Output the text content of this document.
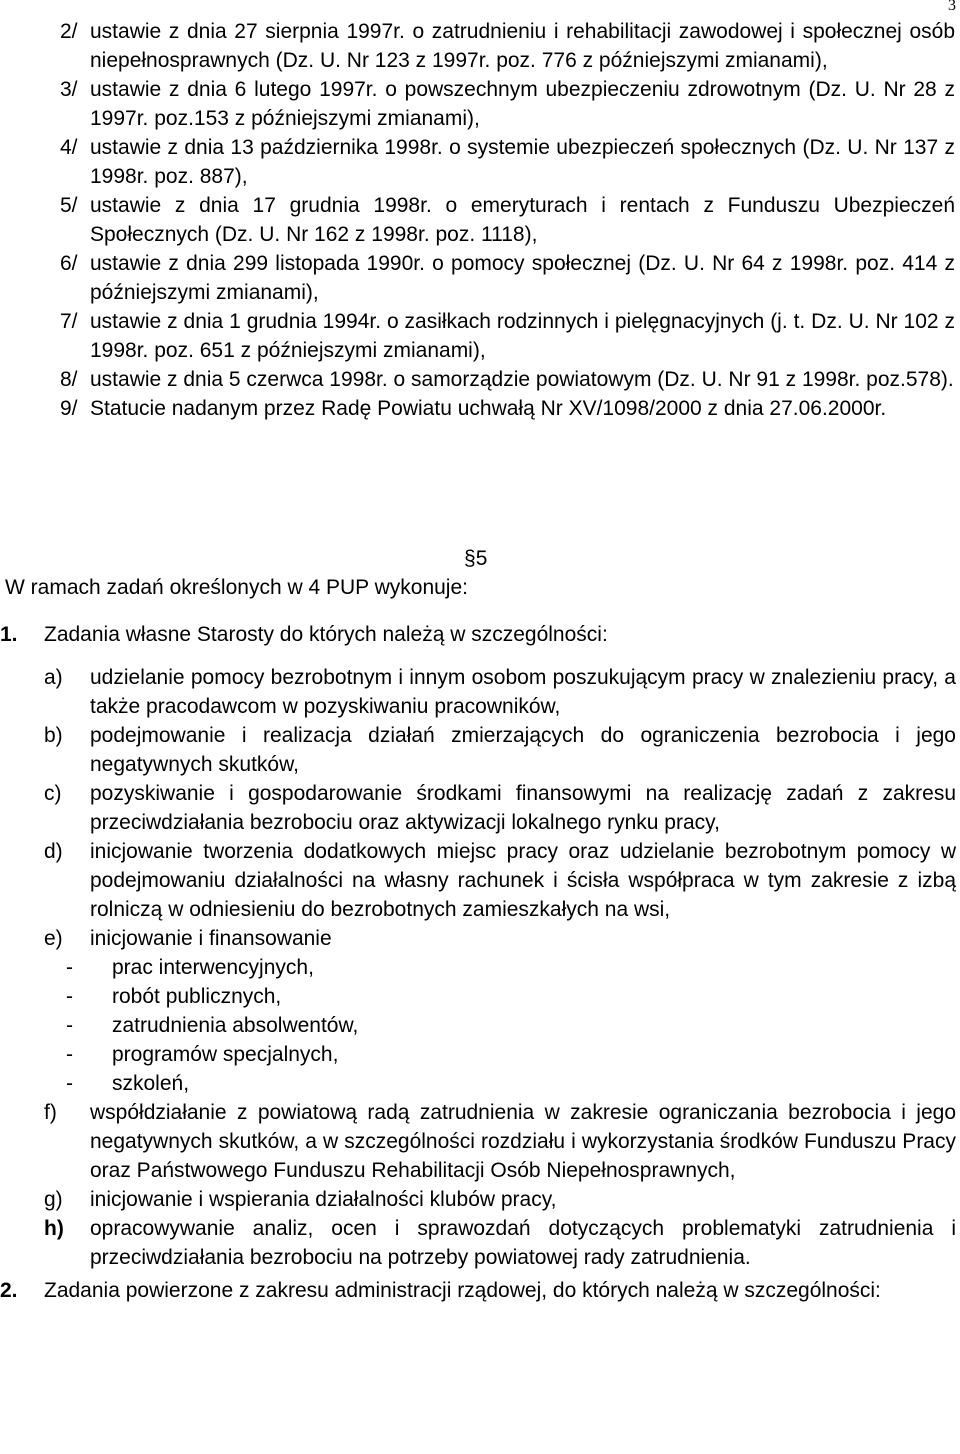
3
2/ ustawie z dnia 27 sierpnia 1997r. o zatrudnieniu i rehabilitacji zawodowej i społecznej osób niepełnosprawnych (Dz. U. Nr 123 z 1997r. poz. 776 z późniejszymi zmianami),
3/ ustawie z dnia 6 lutego 1997r. o powszechnym ubezpieczeniu zdrowotnym (Dz. U. Nr 28 z 1997r. poz.153 z późniejszymi zmianami),
4/ ustawie z dnia 13 października 1998r. o systemie ubezpieczeń społecznych (Dz. U. Nr 137 z 1998r. poz. 887),
5/ ustawie z dnia 17 grudnia 1998r. o emeryturach i rentach z Funduszu Ubezpieczeń Społecznych (Dz. U. Nr 162 z 1998r. poz. 1118),
6/ ustawie z dnia 299 listopada 1990r. o pomocy społecznej (Dz. U. Nr 64 z 1998r. poz. 414 z późniejszymi zmianami),
7/ ustawie z dnia 1 grudnia 1994r. o zasiłkach rodzinnych i pielęgnacyjnych (j. t. Dz. U. Nr 102 z 1998r. poz. 651 z późniejszymi zmianami),
8/ ustawie z dnia 5 czerwca 1998r. o samorządzie powiatowym (Dz. U. Nr 91 z 1998r. poz.578).
9/ Statucie nadanym przez Radę Powiatu uchwałą Nr XV/1098/2000 z dnia 27.06.2000r.
§5
W ramach zadań określonych w 4 PUP wykonuje:
1.	Zadania własne Starosty do których należą w szczególności:
a)	udzielanie pomocy bezrobotnym i innym osobom poszukującym pracy w znalezieniu pracy, a także pracodawcom w pozyskiwaniu pracowników,
b)	podejmowanie i realizacja działań zmierzających do ograniczenia bezrobocia i jego negatywnych skutków,
c)	pozyskiwanie i gospodarowanie środkami finansowymi na realizację zadań z zakresu przeciwdziałania bezrobociu oraz aktywizacji lokalnego rynku pracy,
d)	inicjowanie tworzenia dodatkowych miejsc pracy oraz udzielanie bezrobotnym pomocy w podejmowaniu działalności na własny rachunek i ścisła współpraca w tym zakresie z izbą rolniczą w odniesieniu do bezrobotnych zamieszkałych na wsi,
e)	inicjowanie i finansowanie
-	prac interwencyjnych,
-	robót publicznych,
-	zatrudnienia absolwentów,
-	programów specjalnych,
-	szkoleń,
f)	współdziałanie z powiatową radą zatrudnienia w zakresie ograniczania bezrobocia i jego negatywnych skutków, a w szczególności rozdziału i wykorzystania środków Funduszu Pracy oraz Państwowego Funduszu Rehabilitacji Osób Niepełnosprawnych,
g)	inicjowanie i wspierania działalności klubów pracy,
h)	opracowywanie analiz, ocen i sprawozdań dotyczących problematyki zatrudnienia i przeciwdziałania bezrobociu na potrzeby powiatowej rady zatrudnienia.
2.	Zadania powierzone z zakresu administracji rządowej, do których należą w szczególności:
